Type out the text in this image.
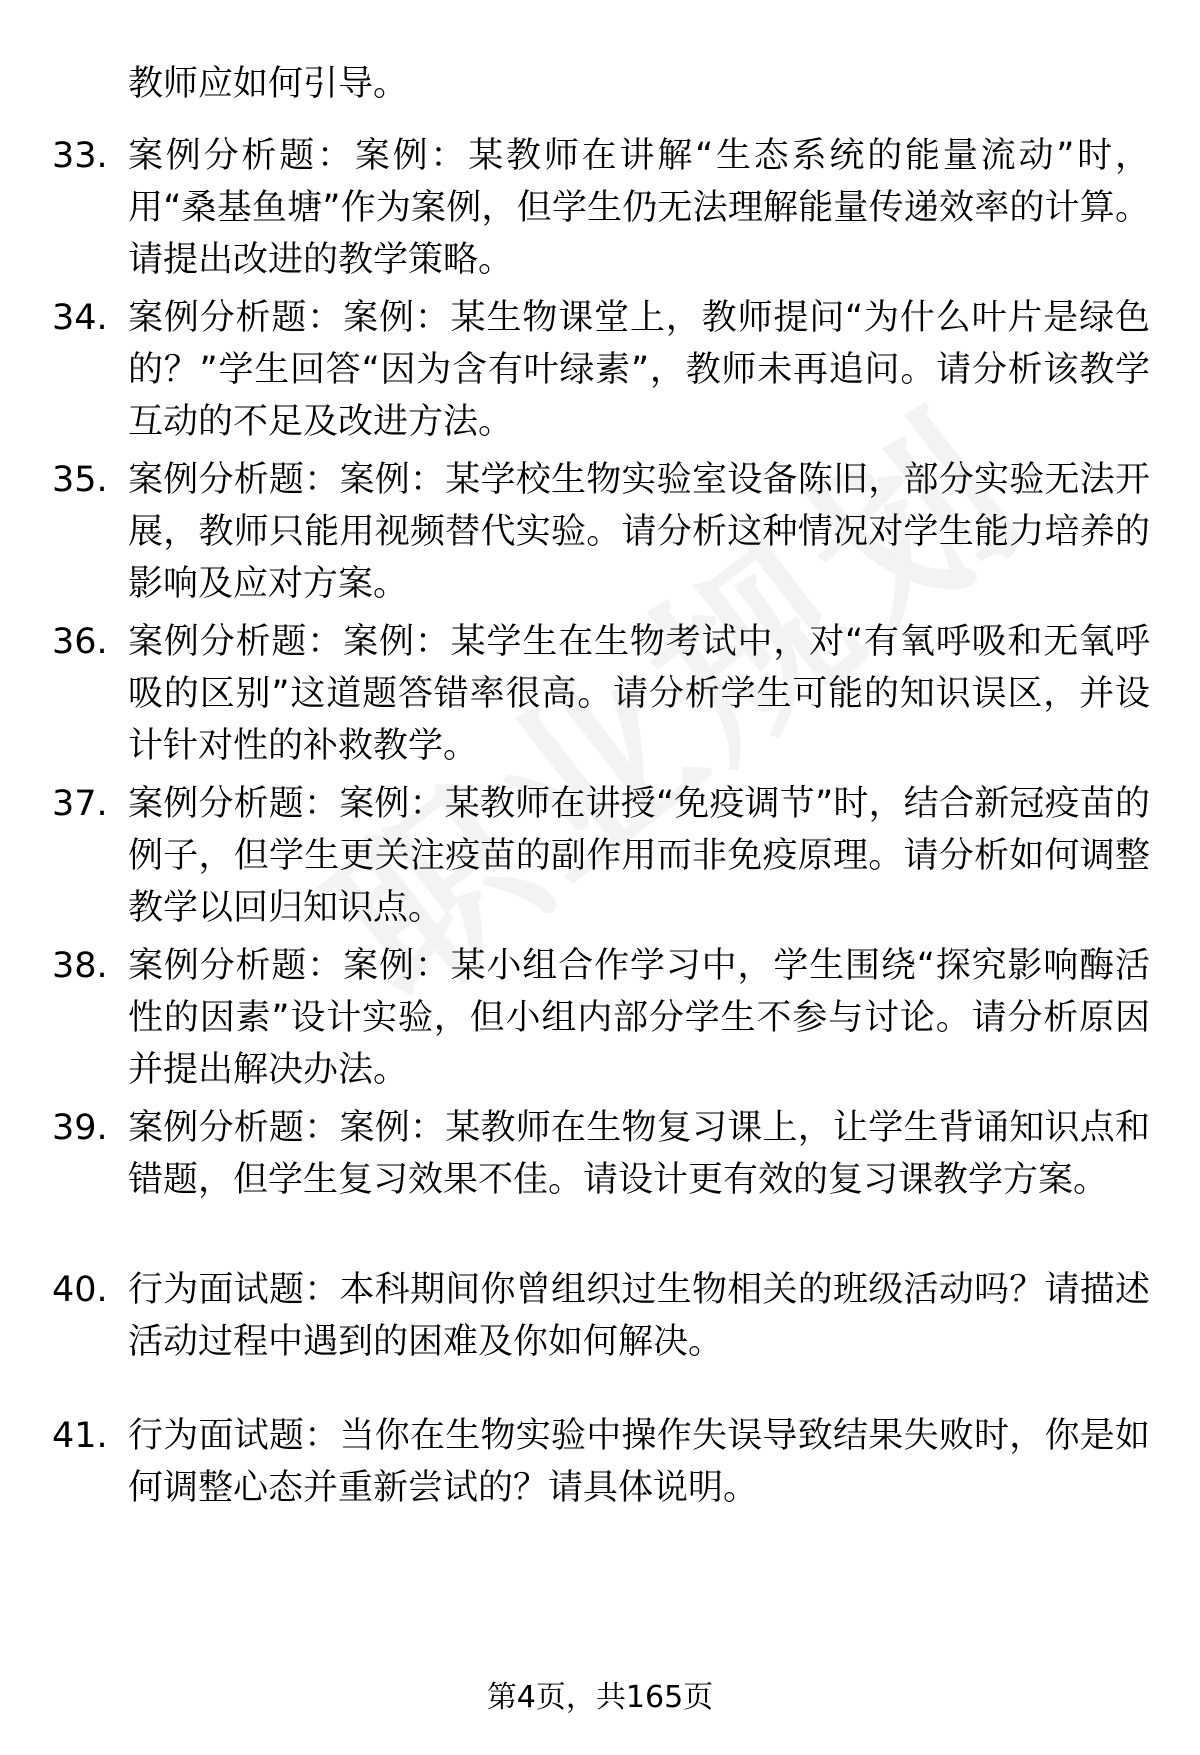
教师应如何引导。
33. 案例分析题：案例：某教师在讲解“生态系统的能量流动”时，用“桑基鱼塘”作为案例，但学生仍无法理解能量传递效率的计算。请提出改进的教学策略。
34. 案例分析题：案例：某生物课堂上，教师提问“为什么叶片是绿色的？”学生回答“因为含有叶绿素”，教师未再追问。请分析该教学互动的不足及改进方法。
35. 案例分析题：案例：某学校生物实验室设备陈旧，部分实验无法开展，教师只能用视频替代实验。请分析这种情况对学生能力培养的影响及应对方案。
36. 案例分析题：案例：某学生在生物考试中，对“有氧呼吸和无氧呼吸的区别”这道题答错率很高。请分析学生可能的知识误区，并设计针对性的补救教学。
37. 案例分析题：案例：某教师在讲授“免疫调节”时，结合新冠疫苗的例子，但学生更关注疫苗的副作用而非免疫原理。请分析如何调整教学以回归知识点。
38. 案例分析题：案例：某小组合作学习中，学生围绕“探究影响酶活性的因素”设计实验，但小组内部分学生不参与讨论。请分析原因并提出解决办法。
39. 案例分析题：案例：某教师在生物复习课上，让学生背诵知识点和错题，但学生复习效果不佳。请设计更有效的复习课教学方案。
40. 行为面试题：本科期间你曾组织过生物相关的班级活动吗？请描述活动过程中遇到的困难及你如何解决。
41. 行为面试题：当你在生物实验中操作失误导致结果失败时，你是如何调整心态并重新尝试的？请具体说明。
第4页，共165页
